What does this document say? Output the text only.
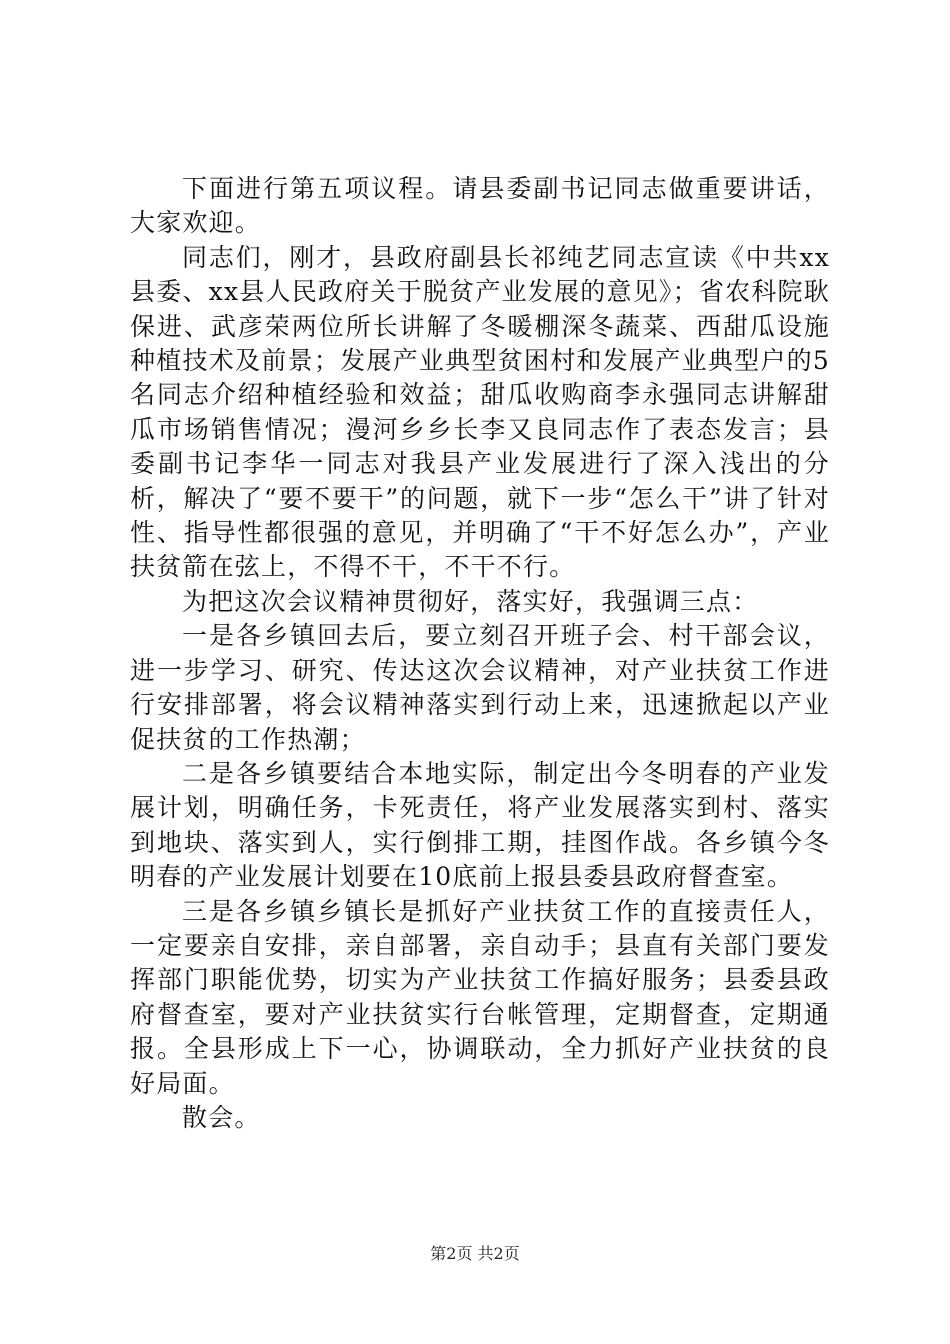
下面进行第五项议程。请县委副书记同志做重要讲话，大家欢迎。

同志们，刚才，县政府副县长祁纯艺同志宣读《中共xx县委、xx县人民政府关于脱贫产业发展的意见》；省农科院耿保进、武彦荣两位所长讲解了冬暖棚深冬蔬菜、西甜瓜设施种植技术及前景；发展产业典型贫困村和发展产业典型户的5名同志介绍种植经验和效益；甜瓜收购商李永强同志讲解甜瓜市场销售情况；漫河乡乡长李又良同志作了表态发言；县委副书记李华一同志对我县产业发展进行了深入浅出的分析，解决了“要不要干”的问题，就下一步“怎么干”讲了针对性、指导性都很强的意见，并明确了“干不好怎么办”，产业扶贫箭在弦上，不得不干，不干不行。

为把这次会议精神贯彻好，落实好，我强调三点：

一是各乡镇回去后，要立刻召开班子会、村干部会议，进一步学习、研究、传达这次会议精神，对产业扶贫工作进行安排部署，将会议精神落实到行动上来，迅速掀起以产业促扶贫的工作热潮；

二是各乡镇要结合本地实际，制定出今冬明春的产业发展计划，明确任务，卡死责任，将产业发展落实到村、落实到地块、落实到人，实行倒排工期，挂图作战。各乡镇今冬明春的产业发展计划要在10底前上报县委县政府督查室。

三是各乡镇乡镇长是抓好产业扶贫工作的直接责任人，一定要亲自安排，亲自部署，亲自动手；县直有关部门要发挥部门职能优势，切实为产业扶贫工作搞好服务；县委县政府督查室，要对产业扶贫实行台帐管理，定期督查，定期通报。全县形成上下一心，协调联动，全力抓好产业扶贫的良好局面。

散会。

第2页 共2页
